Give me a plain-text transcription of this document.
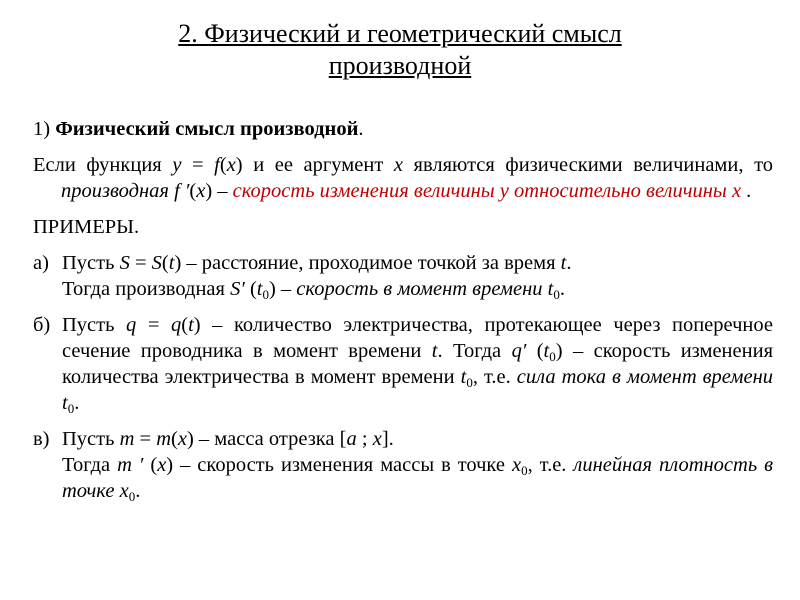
2. Физический и геометрический смысл
производной

1) Физический смысл производной.

Если функция y = f(x) и ее аргумент x являются физическими величинами, то производная f ′(x) – скорость изменения величины y относительно величины x .

ПРИМЕРЫ.

а) Пусть S = S(t) – расстояние, проходимое точкой за время t.
Тогда производная S′ $(t_0)$ – скорость в момент времени $t_0$.
б) Пусть q = q(t) – количество электричества, протекающее через поперечное сечение проводника в момент времени t. Тогда q′ $(t_0)$ – скорость изменения количества электричества в момент времени $t_0$, т.е. сила тока в момент времени $t_0$.
в) Пусть m = m(x) – масса отрезка [a ; x].
Тогда m ′ (x) – скорость изменения массы в точке $x_0$, т.е. линейная плотность в точке $x_0$.
